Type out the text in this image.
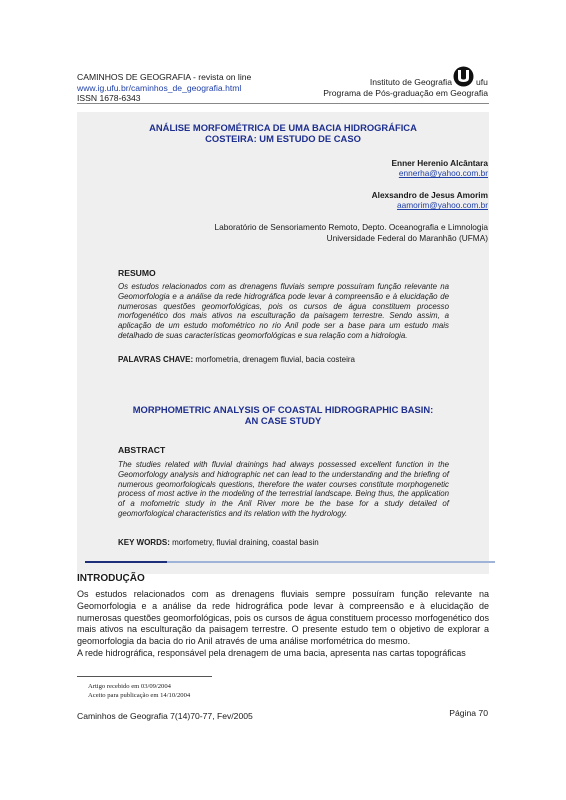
CAMINHOS DE GEOGRAFIA - revista on line
www.ig.ufu.br/caminhos_de_geografia.html
ISSN 1678-6343
Instituto de Geografia
Programa de Pós-graduação em Geografia
ufu
ANÁLISE MORFOMÉTRICA DE UMA BACIA HIDROGRÁFICA
COSTEIRA: UM ESTUDO DE CASO
Enner Herenio Alcântara
ennerha@yahoo.com.br
Alexsandro de Jesus Amorim
aamorim@yahoo.com.br
Laboratório de Sensoriamento Remoto, Depto. Oceanografia e Limnologia
Universidade Federal do Maranhão (UFMA)
RESUMO
Os estudos relacionados com as drenagens fluviais sempre possuíram função relevante na Geomorfologia e a análise da rede hidrográfica pode levar à compreensão e à elucidação de numerosas questões geomorfológicas, pois os cursos de água constituem processo morfogenético dos mais ativos na esculturação da paisagem terrestre. Sendo assim, a aplicação de um estudo mofométrico no rio Anil pode ser a base para um estudo mais detalhado de suas características geomorfológicas e sua relação com a hidrologia.
PALAVRAS CHAVE: morfometria, drenagem fluvial, bacia costeira
MORPHOMETRIC ANALYSIS OF COASTAL HIDROGRAPHIC BASIN:
AN CASE STUDY
ABSTRACT
The studies related with fluvial drainings had always possessed excellent function in the Geomorfology analysis and hidrographic net can lead to the understanding and the briefing of numerous geomorfologicals questions, therefore the water courses constitute morphogenetic process of most active in the modeling of the terrestrial landscape. Being thus, the application of a mofometric study in the Anil River more be the base for a study detailed of geomorfological characteristics and its relation with the hydrology.
KEY WORDS: morfometry, fluvial draining, coastal basin
INTRODUÇÃO
Os estudos relacionados com as drenagens fluviais sempre possuíram função relevante na Geomorfologia e a análise da rede hidrográfica pode levar à compreensão e à elucidação de numerosas questões geomorfológicas, pois os cursos de água constituem processo morfogenético dos mais ativos na esculturação da paisagem terrestre. O presente estudo tem o objetivo de explorar a geomorfologia da bacia do rio Anil através de uma análise morfométrica do mesmo.
A rede hidrográfica, responsável pela drenagem de uma bacia, apresenta nas cartas topográficas
Artigo recebido em 03/09/2004
Aceito para publicação em 14/10/2004
Caminhos de Geografia 7(14)70-77, Fev/2005	Página 70
